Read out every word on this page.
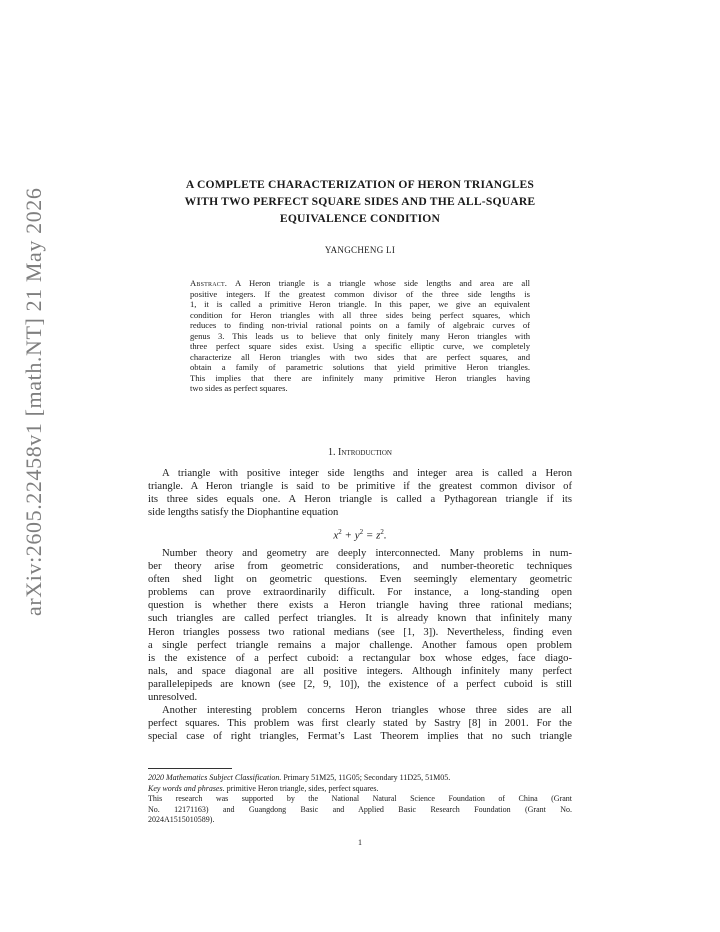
arXiv:2605.22458v1 [math.NT] 21 May 2026
A COMPLETE CHARACTERIZATION OF HERON TRIANGLES
WITH TWO PERFECT SQUARE SIDES AND THE ALL-SQUARE
EQUIVALENCE CONDITION
YANGCHENG LI
Abstract. A Heron triangle is a triangle whose side lengths and area are all
positive integers. If the greatest common divisor of the three side lengths is
1, it is called a primitive Heron triangle. In this paper, we give an equivalent
condition for Heron triangles with all three sides being perfect squares, which
reduces to finding non-trivial rational points on a family of algebraic curves of
genus 3. This leads us to believe that only finitely many Heron triangles with
three perfect square sides exist. Using a specific elliptic curve, we completely
characterize all Heron triangles with two sides that are perfect squares, and
obtain a family of parametric solutions that yield primitive Heron triangles.
This implies that there are infinitely many primitive Heron triangles having
two sides as perfect squares.
1. Introduction
A triangle with positive integer side lengths and integer area is called a Heron
triangle. A Heron triangle is said to be primitive if the greatest common divisor of
its three sides equals one. A Heron triangle is called a Pythagorean triangle if its
side lengths satisfy the Diophantine equation
$x^2 + y^2 = z^2$.
Number theory and geometry are deeply interconnected. Many problems in num-
ber theory arise from geometric considerations, and number-theoretic techniques
often shed light on geometric questions. Even seemingly elementary geometric
problems can prove extraordinarily difficult. For instance, a long-standing open
question is whether there exists a Heron triangle having three rational medians;
such triangles are called perfect triangles. It is already known that infinitely many
Heron triangles possess two rational medians (see [1, 3]). Nevertheless, finding even
a single perfect triangle remains a major challenge. Another famous open problem
is the existence of a perfect cuboid: a rectangular box whose edges, face diago-
nals, and space diagonal are all positive integers. Although infinitely many perfect
parallelepipeds are known (see [2, 9, 10]), the existence of a perfect cuboid is still
unresolved.
Another interesting problem concerns Heron triangles whose three sides are all
perfect squares. This problem was first clearly stated by Sastry [8] in 2001. For the
special case of right triangles, Fermat’s Last Theorem implies that no such triangle
2020 Mathematics Subject Classification. Primary 51M25, 11G05; Secondary 11D25, 51M05.
Key words and phrases. primitive Heron triangle, sides, perfect squares.
This research was supported by the National Natural Science Foundation of China (Grant
No. 12171163) and Guangdong Basic and Applied Basic Research Foundation (Grant No.
2024A1515010589).
1
